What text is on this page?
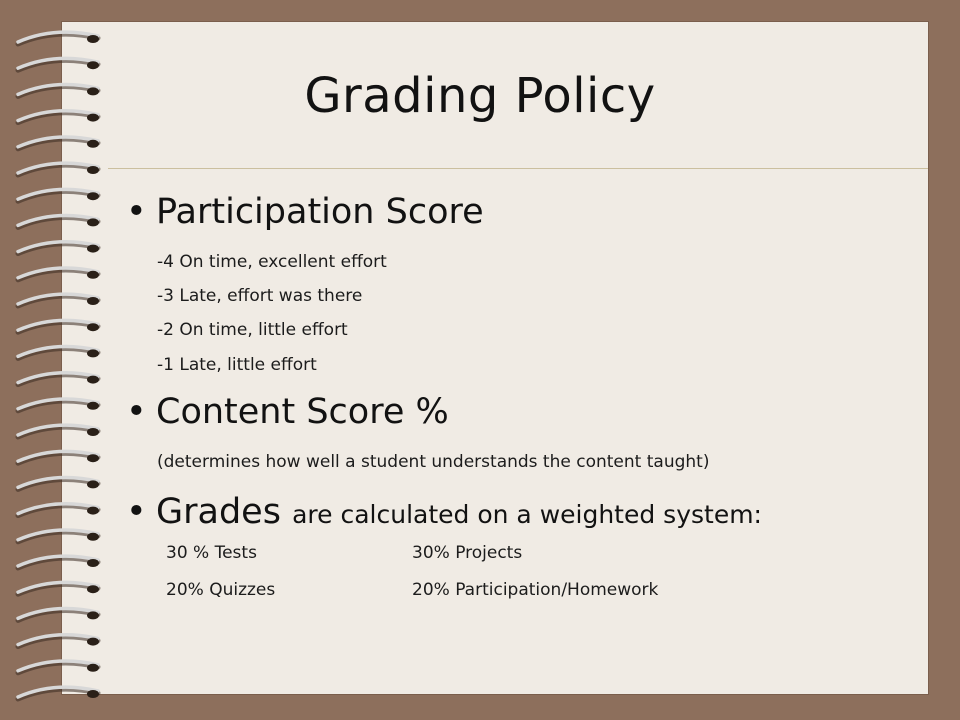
Grading Policy
• Participation Score
-4 On time, excellent effort
-3 Late, effort was there
-2 On time, little effort
-1 Late, little effort
• Content Score %
(determines how well a student understands the content taught)
• Grades are calculated on a weighted system:
30 % Tests	30% Projects
20% Quizzes	20% Participation/Homework
